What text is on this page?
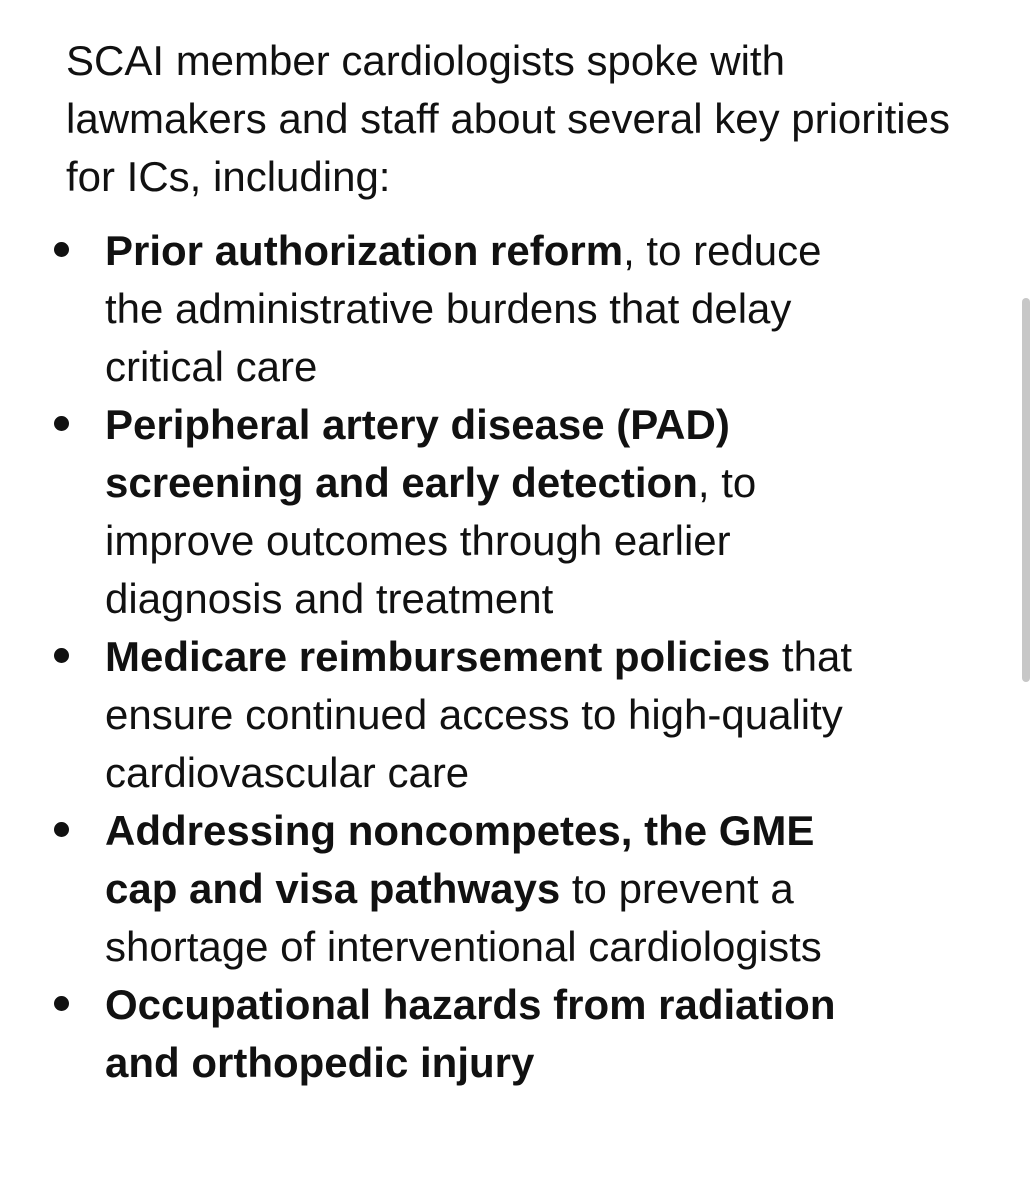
SCAI member cardiologists spoke with lawmakers and staff about several key priorities for ICs, including:

Prior authorization reform, to reduce the administrative burdens that delay critical care
Peripheral artery disease (PAD) screening and early detection, to improve outcomes through earlier diagnosis and treatment
Medicare reimbursement policies that ensure continued access to high-quality cardiovascular care
Addressing noncompetes, the GME cap and visa pathways to prevent a shortage of interventional cardiologists
Occupational hazards from radiation and orthopedic injury
